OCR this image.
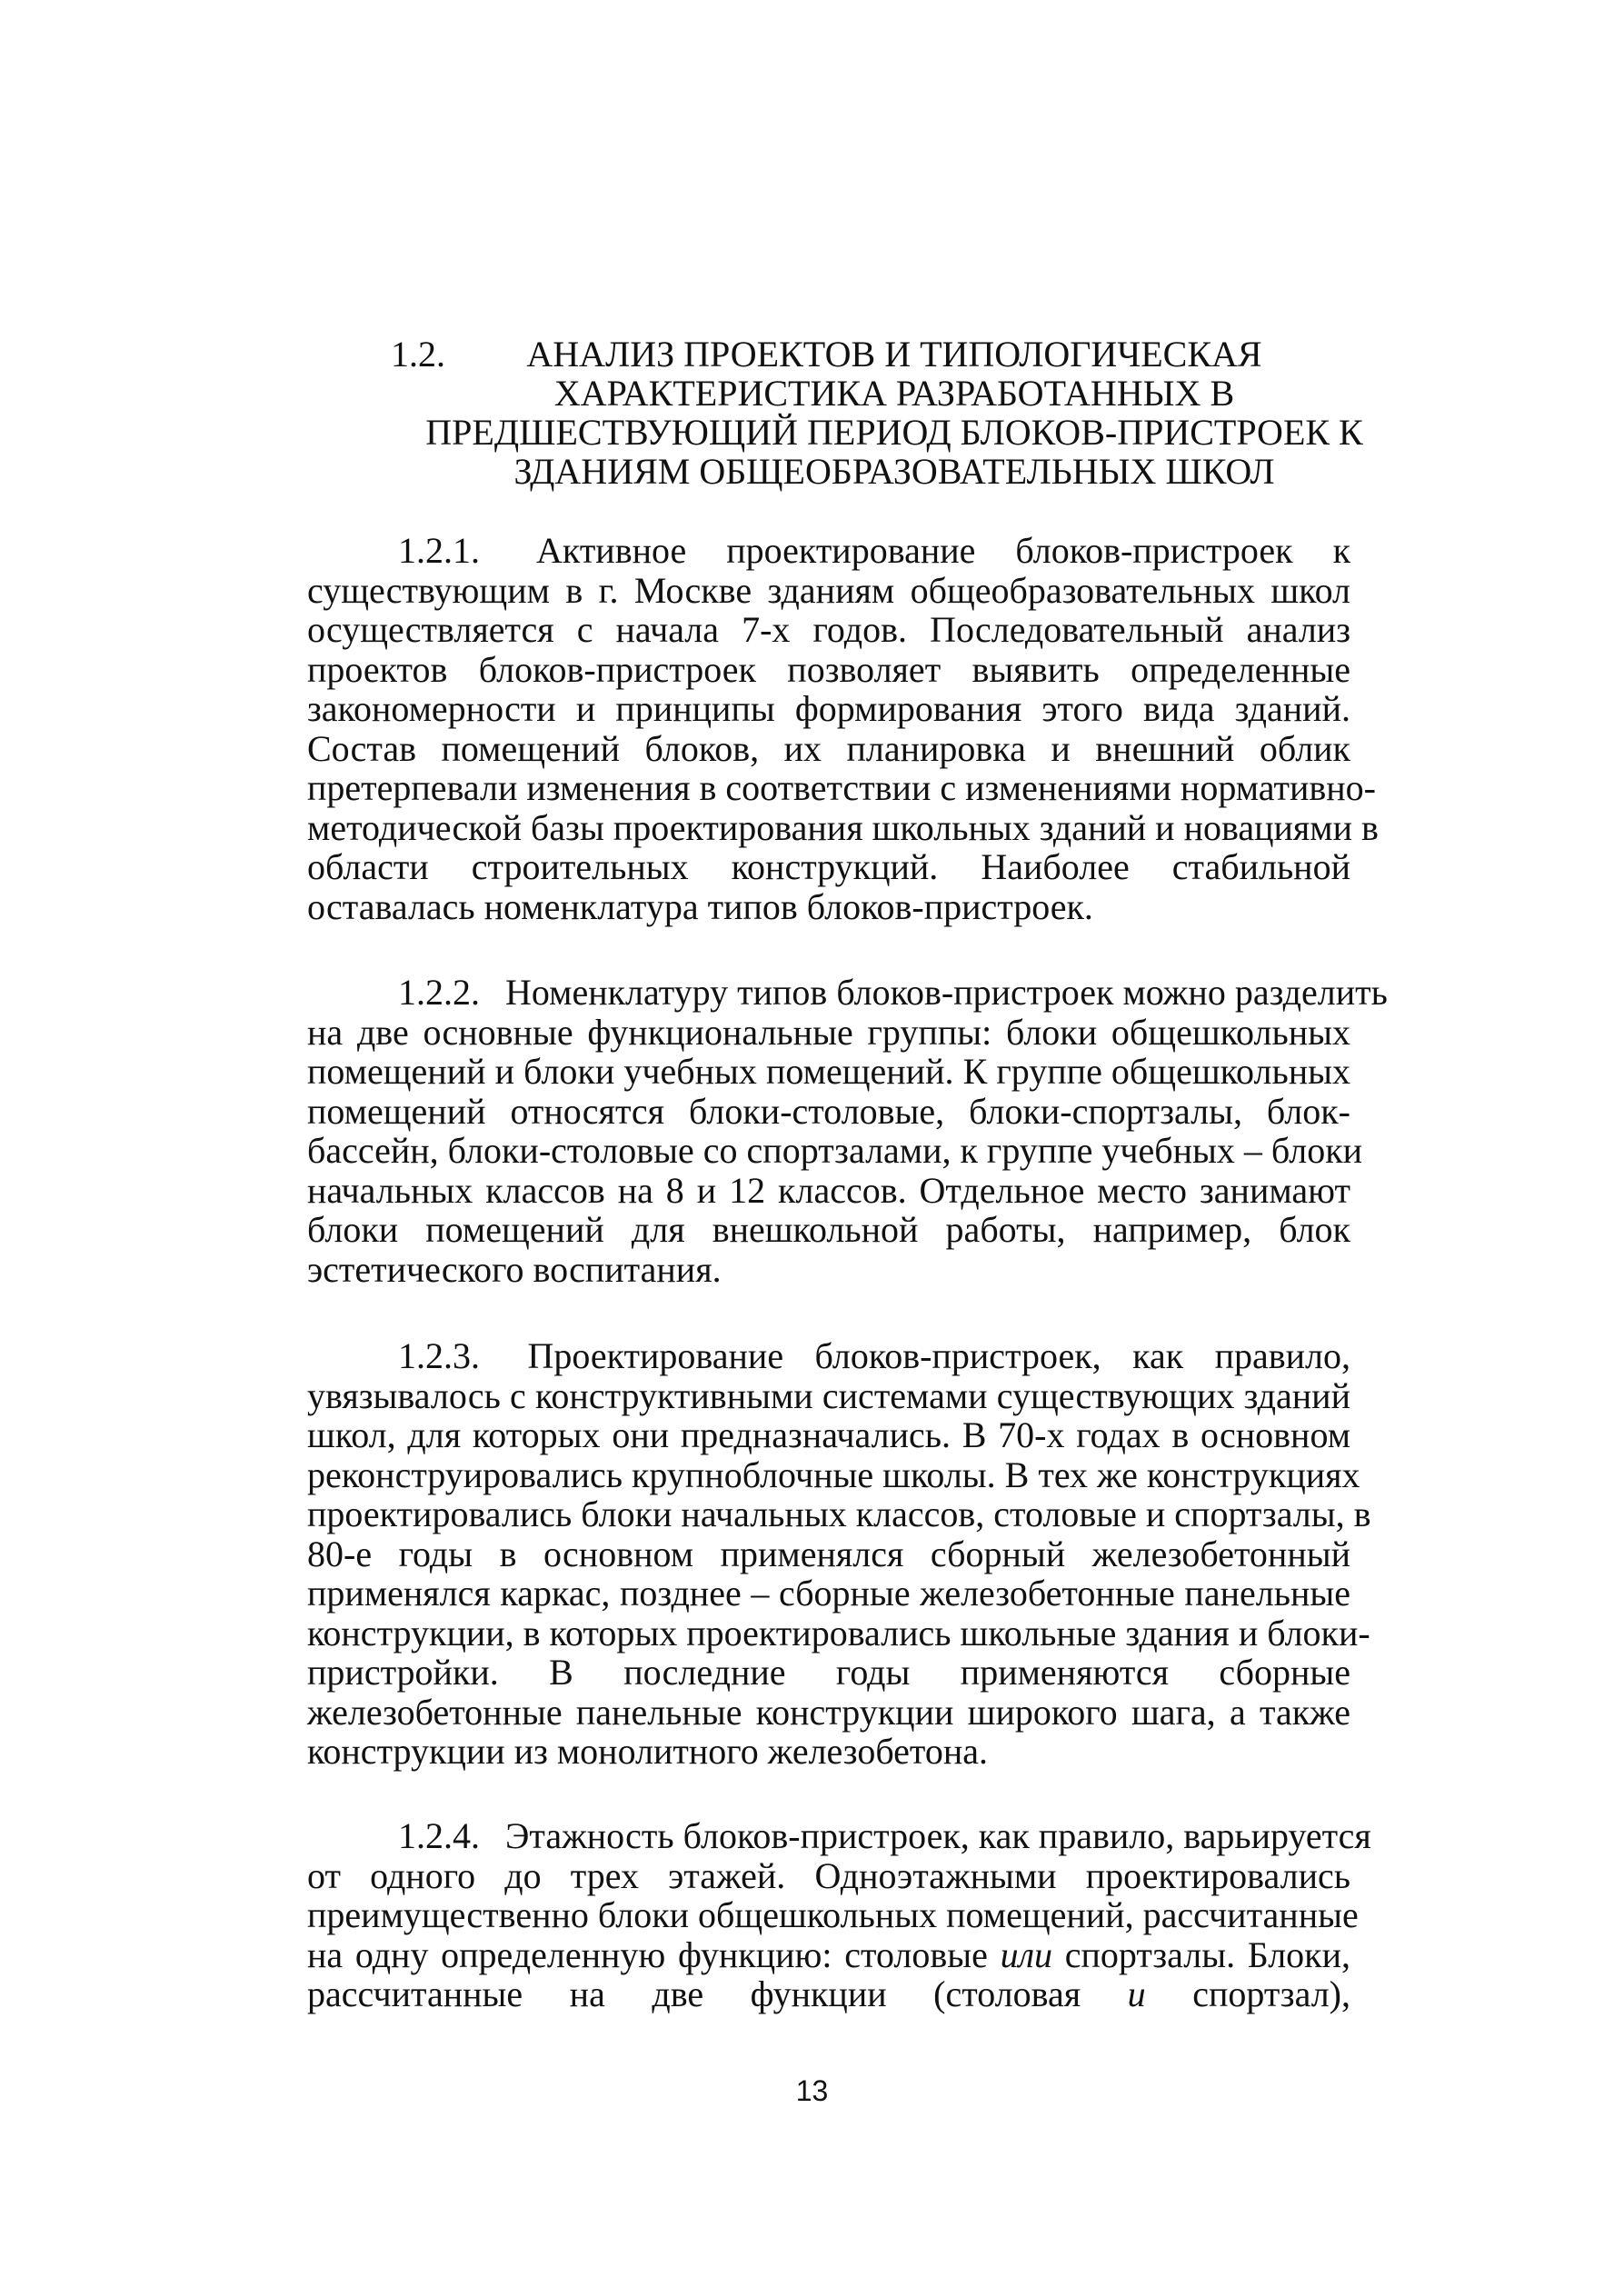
1.2.	АНАЛИЗ ПРОЕКТОВ И ТИПОЛОГИЧЕСКАЯ
ХАРАКТЕРИСТИКА РАЗРАБОТАННЫХ В
ПРЕДШЕСТВУЮЩИЙ ПЕРИОД БЛОКОВ-ПРИСТРОЕК К
ЗДАНИЯМ ОБЩЕОБРАЗОВАТЕЛЬНЫХ ШКОЛ
1.2.1. Активное проектирование блоков-пристроек к
существующим в г. Москве зданиям общеобразовательных школ
осуществляется с начала 7-х годов. Последовательный анализ
проектов блоков-пристроек позволяет выявить определенные
закономерности и принципы формирования этого вида зданий.
Состав помещений блоков, их планировка и внешний облик
претерпевали изменения в соответствии с изменениями нормативно-
методической базы проектирования школьных зданий и новациями в
области строительных конструкций. Наиболее стабильной
оставалась номенклатура типов блоков-пристроек.
1.2.2. Номенклатуру типов блоков-пристроек можно разделить
на две основные функциональные группы: блоки общешкольных
помещений и блоки учебных помещений. К группе общешкольных
помещений относятся блоки-столовые, блоки-спортзалы, блок-
бассейн, блоки-столовые со спортзалами, к группе учебных – блоки
начальных классов на 8 и 12 классов. Отдельное место занимают
блоки помещений для внешкольной работы, например, блок
эстетического воспитания.
1.2.3. Проектирование блоков-пристроек, как правило,
увязывалось с конструктивными системами существующих зданий
школ, для которых они предназначались. В 70-х годах в основном
реконструировались крупноблочные школы. В тех же конструкциях
проектировались блоки начальных классов, столовые и спортзалы, в
80-е годы в основном применялся сборный железобетонный
применялся каркас, позднее – сборные железобетонные панельные
конструкции, в которых проектировались школьные здания и блоки-
пристройки. В последние годы применяются сборные
железобетонные панельные конструкции широкого шага, а также
конструкции из монолитного железобетона.
1.2.4. Этажность блоков-пристроек, как правило, варьируется
от одного до трех этажей. Одноэтажными проектировались
преимущественно блоки общешкольных помещений, рассчитанные
на одну определенную функцию: столовые или спортзалы. Блоки,
рассчитанные на две функции (столовая и спортзал),
13
